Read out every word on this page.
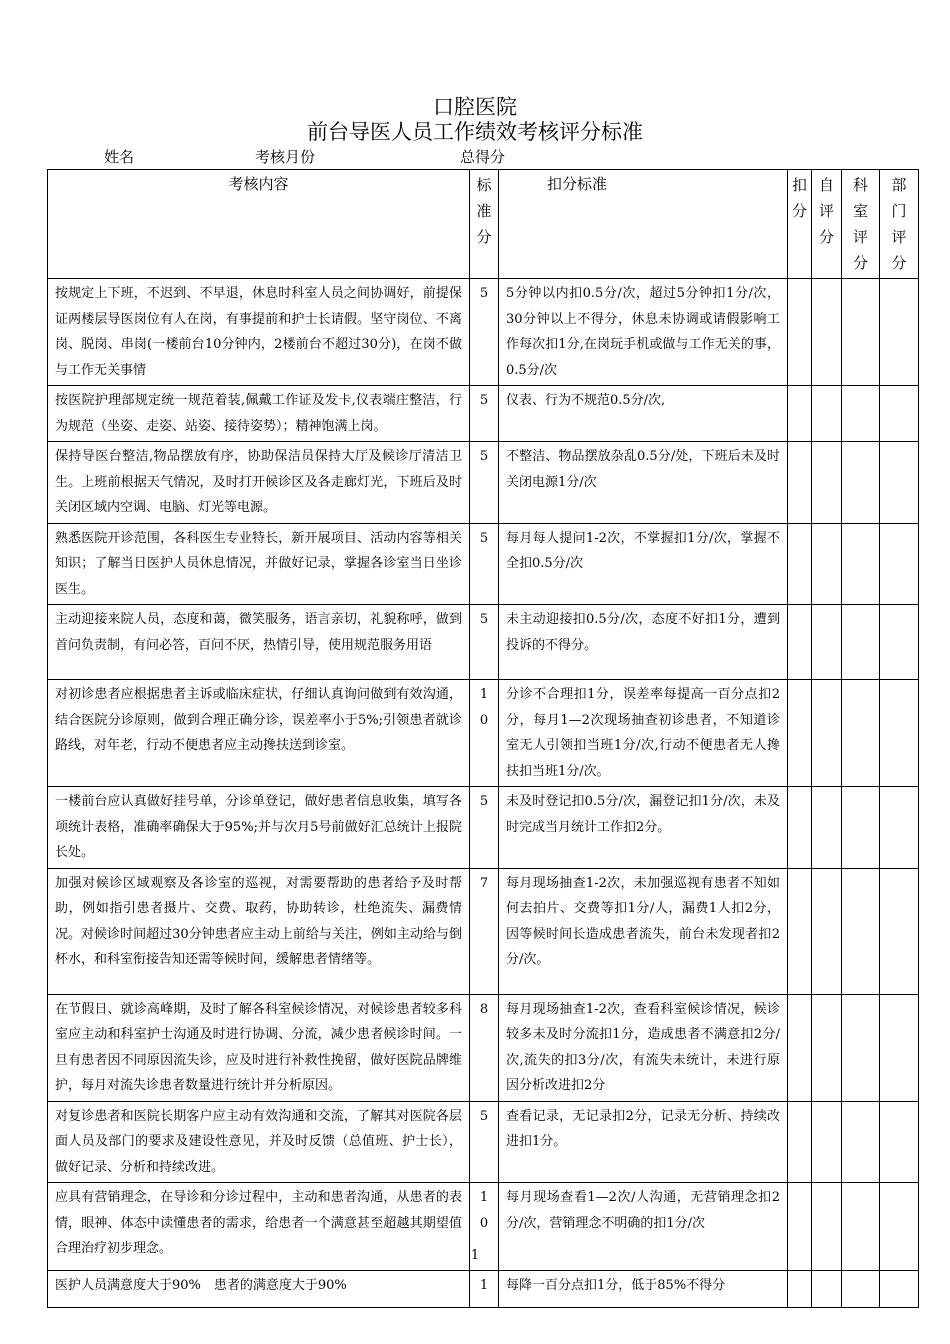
口腔医院
前台导医人员工作绩效考核评分标准
姓名	考核月份	总得分
考核内容	标准分	扣分标准	扣分	自评分	科室评分	部门评分

按规定上下班，不迟到、不早退，休息时科室人员之间协调好，前提保证两楼层导医岗位有人在岗，有事提前和护士长请假。坚守岗位、不离岗、脱岗、串岗(一楼前台10分钟内，2楼前台不超过30分)，在岗不做与工作无关事情	5	5分钟以内扣0.5分/次，超过5分钟扣1分/次，30分钟以上不得分，休息未协调或请假影响工作每次扣1分,在岗玩手机或做与工作无关的事，0.5分/次				
按医院护理部规定统一规范着装,佩戴工作证及发卡,仪表端庄整洁，行为规范（坐姿、走姿、站姿、接待姿势）；精神饱满上岗。	5	仪表、行为不规范0.5分/次,				
保持导医台整洁,物品摆放有序，协助保洁员保持大厅及候诊厅清洁卫生。上班前根据天气情况，及时打开候诊区及各走廊灯光，下班后及时关闭区域内空调、电脑、灯光等电源。	5	不整洁、物品摆放杂乱0.5分/处，下班后未及时关闭电源1分/次				
熟悉医院开诊范围，各科医生专业特长，新开展项目、活动内容等相关知识；了解当日医护人员休息情况，并做好记录，掌握各诊室当日坐诊医生。	5	每月每人提问1-2次，不掌握扣1分/次，掌握不全扣0.5分/次				
主动迎接来院人员，态度和蔼，微笑服务，语言亲切，礼貌称呼，做到首问负责制，有问必答，百问不厌，热情引导，使用规范服务用语	5	未主动迎接扣0.5分/次，态度不好扣1分，遭到投诉的不得分。				
对初诊患者应根据患者主诉或临床症状，仔细认真询问做到有效沟通，结合医院分诊原则，做到合理正确分诊，误差率小于5%;引领患者就诊路线，对年老，行动不便患者应主动搀扶送到诊室。	10	分诊不合理扣1分，误差率每提高一百分点扣2分，每月1—2次现场抽查初诊患者，不知道诊室无人引领扣当班1分/次,行动不便患者无人搀扶扣当班1分/次。				
一楼前台应认真做好挂号单，分诊单登记，做好患者信息收集，填写各项统计表格，准确率确保大于95%;并与次月5号前做好汇总统计上报院长处。	5	未及时登记扣0.5分/次，漏登记扣1分/次，未及时完成当月统计工作扣2分。				
加强对候诊区域观察及各诊室的巡视，对需要帮助的患者给予及时帮助，例如指引患者摄片、交费、取药，协助转诊，杜绝流失、漏费情况。对候诊时间超过30分钟患者应主动上前给与关注，例如主动给与倒杯水，和科室衔接告知还需等候时间，缓解患者情绪等。	7	每月现场抽查1-2次，未加强巡视有患者不知如何去拍片、交费等扣1分/人，漏费1人扣2分，因等候时间长造成患者流失，前台未发现者扣2分/次。				
在节假日、就诊高峰期，及时了解各科室候诊情况，对候诊患者较多科室应主动和科室护士沟通及时进行协调、分流，减少患者候诊时间。一旦有患者因不同原因流失诊，应及时进行补救性挽留，做好医院品牌维护，每月对流失诊患者数量进行统计并分析原因。	8	每月现场抽查1-2次，查看科室候诊情况，候诊较多未及时分流扣1分，造成患者不满意扣2分/次,流失的扣3分/次，有流失未统计，未进行原因分析改进扣2分				
对复诊患者和医院长期客户应主动有效沟通和交流，了解其对医院各层面人员及部门的要求及建设性意见，并及时反馈（总值班、护士长），做好记录、分析和持续改进。	5	查看记录，无记录扣2分，记录无分析、持续改进扣1分。				
应具有营销理念，在导诊和分诊过程中，主动和患者沟通，从患者的表情，眼神、体态中读懂患者的需求，给患者一个满意甚至超越其期望值合理治疗初步理念。	10	每月现场查看1—2次/人沟通，无营销理念扣2分/次，营销理念不明确的扣1分/次				
医护人员满意度大于90%　患者的满意度大于90%	1	每降一百分点扣1分，低于85%不得分				
1
